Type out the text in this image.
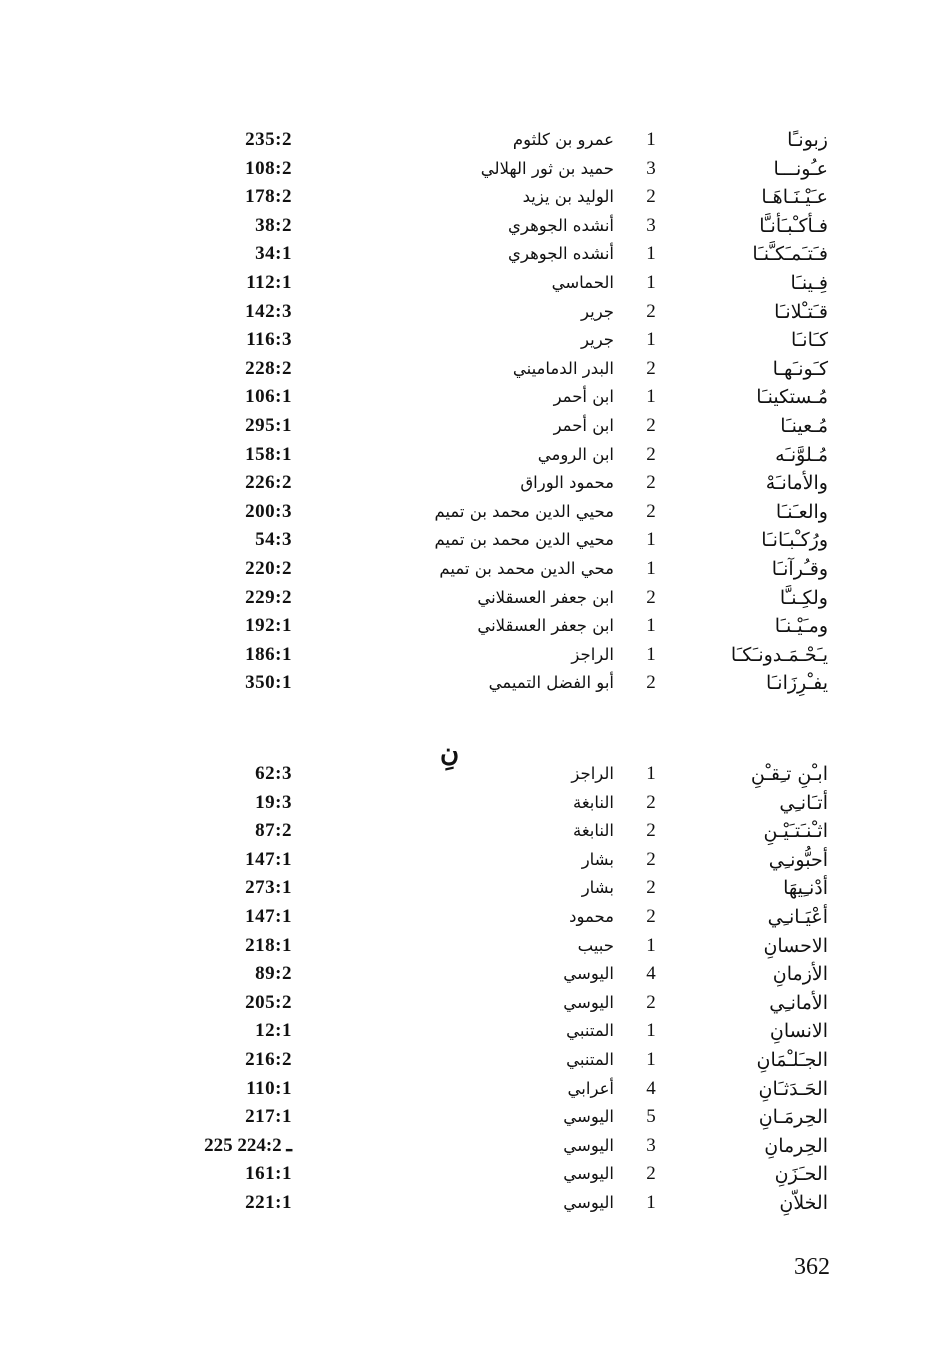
زبونـًا
1
عمرو بن كلثوم
235:2
عـُونـــا
3
حميد بن ثور الهلالي
108:2
عـَيْـنَـاهَـا
2
الوليد بن يزيد
178:2
فـأكـْبـَأنـَّا
3
أنشده الجوهري
38:2
فـَتـَمـَكـَّنـَا
1
أنشده الجوهري
34:1
فِـينـَا
1
الحماسي
112:1
قـَتـْلانـَا
2
جرير
142:3
كـَانـَا
1
جرير
116:3
كـَونـَهـا
2
البدر الدماميني
228:2
مُـستكينـَا
1
ابن أحمر
106:1
مُـعينـَا
2
ابن أحمر
295:1
مُـلوَّنـَه
2
ابن الرومي
158:1
والأمانـَهْ
2
محمود الوراق
226:2
والعـَنـَا
2
محيي الدين محمد بن تميم
200:3
ورُكـْبـَانـَا
1
محيي الدين محمد بن تميم
54:3
وقـُرآنـَا
1
محي الدين محمد بن تميم
220:2
ولكِـنـَّا
2
ابن جعفر العسقلاني
229:2
ومـَيْـنـَا
1
ابن جعفر العسقلاني
192:1
يـَحْـمَـدونـَكـَا
1
الراجز
186:1
يفـْرِزَانـَا
2
أبو الفضل التميمي
350:1
نِ
ابـْنِ تـِقـْنِ
1
الراجز
62:3
أتـَانـِي
2
النابغة
19:3
اثـْنـَتـَيْـنِ
2
النابغة
87:2
أحبُّونـِي
2
بشار
147:1
أدْنـِيهَا
2
بشار
273:1
أعْيَـانـِي
2
محمود
147:1
الاحسانِ
1
حبيب
218:1
الأزمانِ
4
اليوسي
89:2
الأمانـِي
2
اليوسي
205:2
الانسانِ
1
المتنبي
12:1
الجـَلـْمَانِ
1
المتنبي
216:2
الحَـدَثـَانِ
4
أعرابي
110:1
الحِرمَـانِ
5
اليوسي
217:1
الحِرمانِ
3
اليوسي
225 ـ 224:2
الحـَزَنِ
2
اليوسي
161:1
الخلاّنِ
1
اليوسي
221:1
362
